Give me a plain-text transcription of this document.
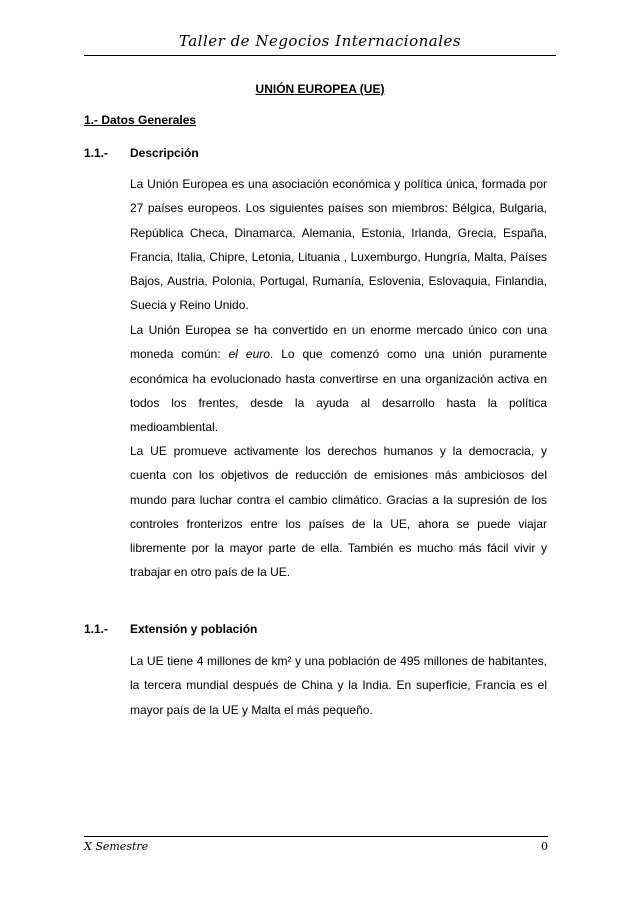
Taller de Negocios Internacionales
UNIÓN EUROPEA (UE)
1.- Datos Generales
1.1.- Descripción

La Unión Europea es una asociación económica y política única, formada por 27 países europeos. Los siguientes países son miembros: Bélgica, Bulgaria, República Checa, Dinamarca, Alemania, Estonia, Irlanda, Grecia, España, Francia, Italia, Chipre, Letonia, Lituania , Luxemburgo, Hungría, Malta, Países Bajos, Austria, Polonia, Portugal, Rumanía, Eslovenia, Eslovaquia, Finlandia, Suecia y Reino Unido.

La Unión Europea se ha convertido en un enorme mercado único con una moneda común: el euro. Lo que comenzó como una unión puramente económica ha evolucionado hasta convertirse en una organización activa en todos los frentes, desde la ayuda al desarrollo hasta la política medioambiental.

La UE promueve activamente los derechos humanos y la democracia, y cuenta con los objetivos de reducción de emisiones más ambiciosos del mundo para luchar contra el cambio climático. Gracias a la supresión de los controles fronterizos entre los países de la UE, ahora se puede viajar libremente por la mayor parte de ella. También es mucho más fácil vivir y trabajar en otro país de la UE.

1.1.- Extensión y población

La UE tiene 4 millones de km² y una población de 495 millones de habitantes, la tercera mundial después de China y la India. En superficie, Francia es el mayor país de la UE y Malta el más pequeño.

X Semestre	0
